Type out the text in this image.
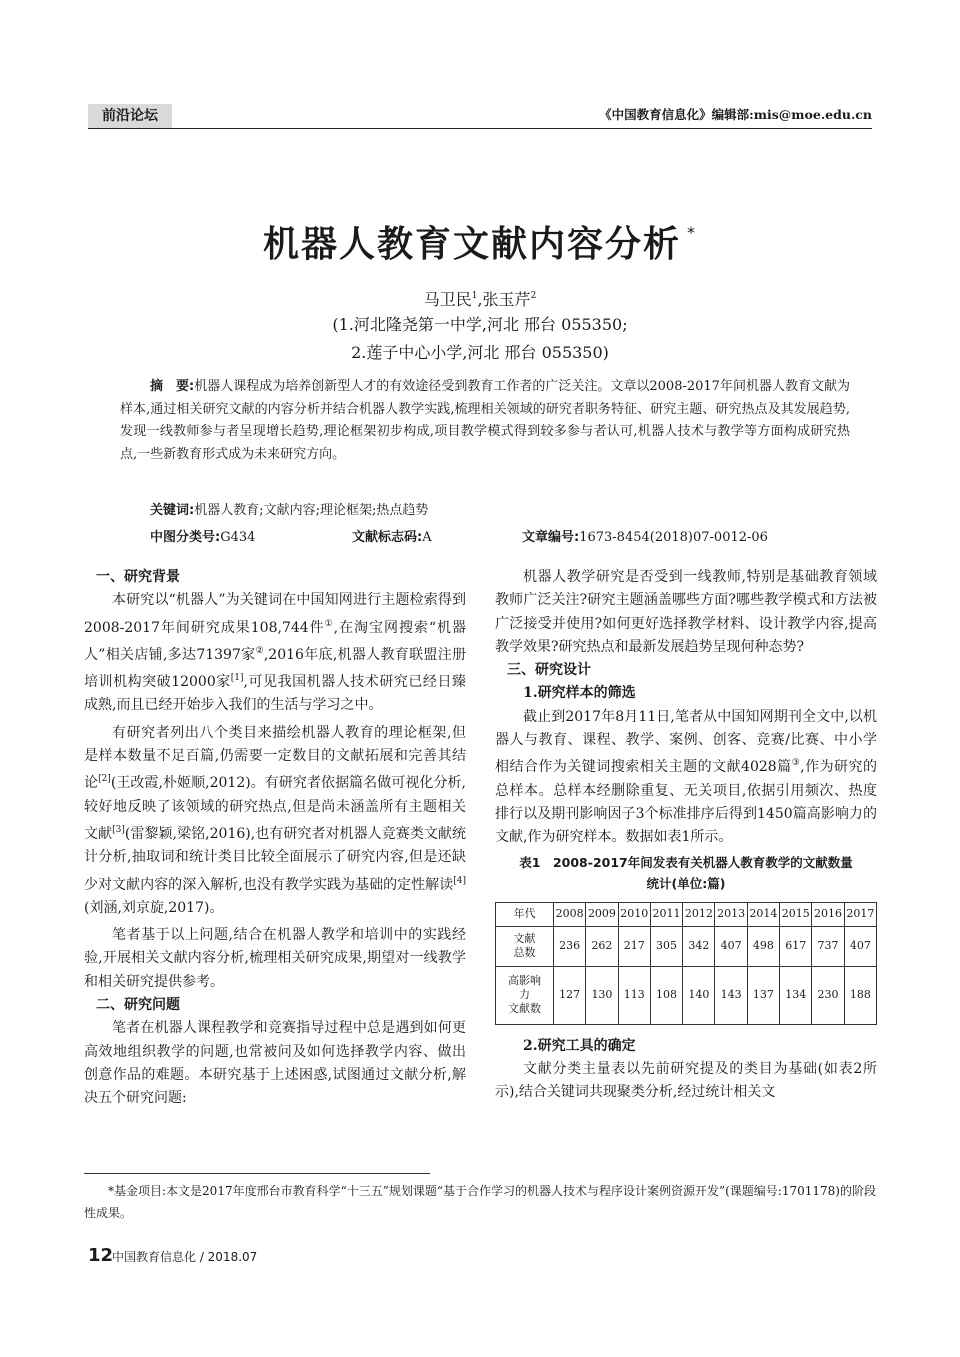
前沿论坛	《中国教育信息化》编辑部:mis@moe.edu.cn
机器人教育文献内容分析 *
马卫民$^1$,张玉芹$^2$
(1.河北隆尧第一中学,河北 邢台 055350;
2.莲子中心小学,河北 邢台 055350)
摘　要:机器人课程成为培养创新型人才的有效途径受到教育工作者的广泛关注。文章以2008-2017年间机器人教育文献为样本,通过相关研究文献的内容分析并结合机器人教学实践,梳理相关领域的研究者职务特征、研究主题、研究热点及其发展趋势,发现一线教师参与者呈现增长趋势,理论框架初步构成,项目教学模式得到较多参与者认可,机器人技术与教学等方面构成研究热点,一些新教育形式成为未来研究方向。
关键词:机器人教育;文献内容;理论框架;热点趋势
中图分类号:G434	文献标志码:A	文章编号:1673-8454(2018)07-0012-06
一、研究背景

本研究以“机器人”为关键词在中国知网进行主题检索得到2008-2017年间研究成果108,744件①,在淘宝网搜索“机器人”相关店铺,多达71397家②,2016年底,机器人教育联盟注册培训机构突破12000家[1],可见我国机器人技术研究已经日臻成熟,而且已经开始步入我们的生活与学习之中。

有研究者列出八个类目来描绘机器人教育的理论框架,但是样本数量不足百篇,仍需要一定数目的文献拓展和完善其结论[2](王改霞,朴姬顺,2012)。有研究者依据篇名做可视化分析,较好地反映了该领域的研究热点,但是尚未涵盖所有主题相关文献[3](雷黎颖,梁铭,2016),也有研究者对机器人竞赛类文献统计分析,抽取词和统计类目比较全面展示了研究内容,但是还缺少对文献内容的深入解析,也没有教学实践为基础的定性解读[4](刘涵,刘京旋,2017)。

笔者基于以上问题,结合在机器人教学和培训中的实践经验,开展相关文献内容分析,梳理相关研究成果,期望对一线教学和相关研究提供参考。

二、研究问题

笔者在机器人课程教学和竞赛指导过程中总是遇到如何更高效地组织教学的问题,也常被问及如何选择教学内容、做出创意作品的难题。本研究基于上述困惑,试图通过文献分析,解决五个研究问题:

机器人教学研究是否受到一线教师,特别是基础教育领域教师广泛关注?研究主题涵盖哪些方面?哪些教学模式和方法被广泛接受并使用?如何更好选择教学材料、设计教学内容,提高教学效果?研究热点和最新发展趋势呈现何种态势?

三、研究设计
1.研究样本的筛选

截止到2017年8月11日,笔者从中国知网期刊全文中,以机器人与教育、课程、教学、案例、创客、竞赛/比赛、中小学相结合作为关键词搜索相关主题的文献4028篇③,作为研究的总样本。总样本经删除重复、无关项目,依据引用频次、热度排行以及期刊影响因子3个标准排序后得到1450篇高影响力的文献,作为研究样本。数据如表1所示。

表1　2008-2017年间发表有关机器人教育教学的文献数量
统计(单位:篇)
年代	2008	2009	2010	2011	2012	2013	2014	2015	2016	2017

文献
总数	236	262	217	305	342	407	498	617	737	407

高影响
力
文献数	127	130	113	108	140	143	137	134	230	188
2.研究工具的确定

文献分类主量表以先前研究提及的类目为基础(如表2所示),结合关键词共现聚类分析,经过统计相关文

*基金项目:本文是2017年度邢台市教育科学“十三五”规划课题“基于合作学习的机器人技术与程序设计案例资源开发”(课题编号:1701178)的阶段性成果。
12
中国教育信息化 / 2018.07
